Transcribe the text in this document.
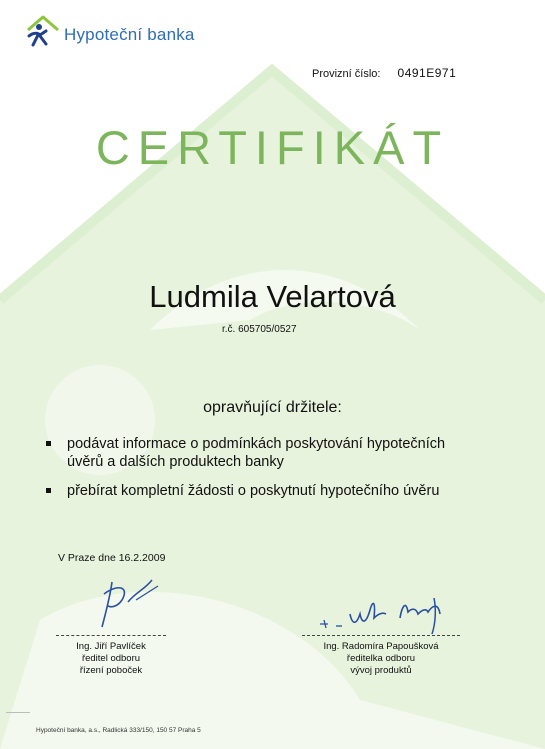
Hypoteční banka
Provizní číslo: 0491E971
CERTIFIKÁT
Ludmila Velartová
r.č. 605705/0527
opravňující držitele:
podávat informace o podmínkách poskytování hypotečních
úvěrů a dalších produktech banky
přebírat kompletní žádosti o poskytnutí hypotečního úvěru
V Praze dne 16.2.2009
Ing. Jiří Pavlíček
ředitel odboru
řízení poboček
Ing. Radomíra Papoušková
ředitelka odboru
vývoj produktů
Hypoteční banka, a.s., Radlická 333/150, 150 57 Praha 5
